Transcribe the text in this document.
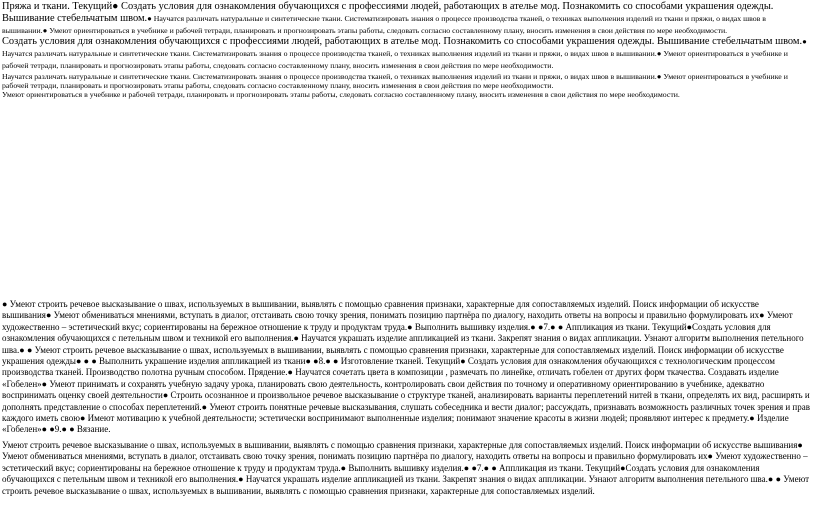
Пряжа и ткани. Текущий● Создать условия для ознакомления обучающихся с профессиями людей, работающих в ателье мод. Познакомить со способами украшения одежды. Вышивание стебельчатым швом.● Научатся различать натуральные и синтетические ткани. Систематизировать знания о процессе производства тканей, о техниках выполнения изделий из ткани и пряжи, о видах швов в вышивании.● Умеют ориентироваться в учебнике и рабочей тетради, планировать и прогнозировать этапы работы, следовать согласно составленному плану, вносить изменения в свои действия по мере необходимости.

Создать условия для ознакомления обучающихся с профессиями людей, работающих в ателье мод. Познакомить со способами украшения одежды. Вышивание стебельчатым швом.● Научатся различать натуральные и синтетические ткани. Систематизировать знания о процессе производства тканей, о техниках выполнения изделий из ткани и пряжи, о видах швов в вышивании.● Умеют ориентироваться в учебнике и рабочей тетради, планировать и прогнозировать этапы работы, следовать согласно составленному плану, вносить изменения в свои действия по мере необходимости.

Научатся различать натуральные и синтетические ткани. Систематизировать знания о процессе производства тканей, о техниках выполнения изделий из ткани и пряжи, о видах швов в вышивании.● Умеют ориентироваться в учебнике и рабочей тетради, планировать и прогнозировать этапы работы, следовать согласно составленному плану, вносить изменения в свои действия по мере необходимости.

Умеют ориентироваться в учебнике и рабочей тетради, планировать и прогнозировать этапы работы, следовать согласно составленному плану, вносить изменения в свои действия по мере необходимости.

● Умеют строить речевое высказывание о швах, используемых в вышивании, выявлять с помощью сравнения признаки, характерные для сопоставляемых изделий. Поиск информации об искусстве вышивания● Умеют обмениваться мнениями, вступать в диалог, отстаивать свою точку зрения, понимать позицию партнёра по диалогу, находить ответы на вопросы и правильно формулировать их● Умеют художественно – эстетический вкус; сориентированы на бережное отношение к труду и продуктам труда.● Выполнить вышивку изделия.● ●7.● ● Аппликация из ткани. Текущий●Создать условия для ознакомления обучающихся с петельным швом и техникой его выполнения.● Научатся украшать изделие аппликацией из ткани. Закрепят знания о видах аппликации. Узнают алгоритм выполнения петельного шва.● ● Умеют строить речевое высказывание о швах, используемых в вышивании, выявлять с помощью сравнения признаки, характерные для сопоставляемых изделий. Поиск информации об искусстве украшения одежды● ● ● Выполнить украшение изделия аппликацией из ткани● ●8.● ● Изготовление тканей. Текущий● Создать условия для ознакомления обучающихся с технологическим процессом производства тканей. Производство полотна ручным способом. Прядение.● Научатся сочетать цвета в композиции , размечать по линейке, отличать гобелен от других форм ткачества. Создавать изделие «Гобелен»● Умеют принимать и сохранять учебную задачу урока, планировать свою деятельность, контролировать свои действия по точному и оперативному ориентированию в учебнике, адекватно воспринимать оценку своей деятельности● Строить осознанное и произвольное речевое высказывание о структуре тканей, анализировать варианты переплетений нитей в ткани, определять их вид, расширять и дополнять представление о способах переплетений.● Умеют строить понятные речевые высказывания, слушать собеседника и вести диалог; рассуждать, признавать возможность различных точек зрения и прав каждого иметь свою● Имеют мотивацию к учебной деятельности; эстетически воспринимают выполненные изделия; понимают значение красоты в жизни людей; проявляют интерес к предмету.● Изделие «Гобелен»● ●9.● ● Вязание.

Умеют строить речевое высказывание о швах, используемых в вышивании, выявлять с помощью сравнения признаки, характерные для сопоставляемых изделий. Поиск информации об искусстве вышивания● Умеют обмениваться мнениями, вступать в диалог, отстаивать свою точку зрения, понимать позицию партнёра по диалогу, находить ответы на вопросы и правильно формулировать их● Умеют художественно – эстетический вкус; сориентированы на бережное отношение к труду и продуктам труда.● Выполнить вышивку изделия.● ●7.● ● Аппликация из ткани. Текущий●Создать условия для ознакомления обучающихся с петельным швом и техникой его выполнения.● Научатся украшать изделие аппликацией из ткани. Закрепят знания о видах аппликации. Узнают алгоритм выполнения петельного шва.● ● Умеют строить речевое высказывание о швах, используемых в вышивании, выявлять с помощью сравнения признаки, характерные для сопоставляемых изделий.
